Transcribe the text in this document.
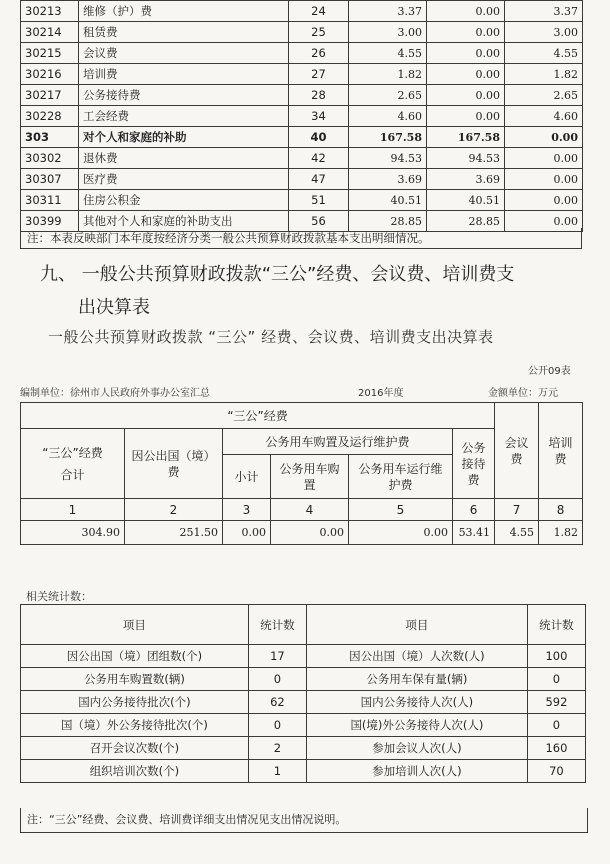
30213	维修（护）费	24	3.37	0.00	3.37
30214	租赁费	25	3.00	0.00	3.00
30215	会议费	26	4.55	0.00	4.55
30216	培训费	27	1.82	0.00	1.82
30217	公务接待费	28	2.65	0.00	2.65
30228	工会经费	34	4.60	0.00	4.60
303	对个人和家庭的补助	40	167.58	167.58	0.00
30302	退休费	42	94.53	94.53	0.00
30307	医疗费	47	3.69	3.69	0.00
30311	住房公积金	51	40.51	40.51	0.00
30399	其他对个人和家庭的补助支出	56	28.85	28.85	0.00
注：本表反映部门本年度按经济分类一般公共预算财政拨款基本支出明细情况。
九、 一般公共预算财政拨款“三公”经费、会议费、培训费支
出决算表
一般公共预算财政拨款 “三公” 经费、会议费、培训费支出决算表
公开09表
编制单位：徐州市人民政府外事办公室汇总	2016年度	金额单位：万元
“三公”经费						会议费	培训费

“三公”经费
合计	因公出国（境）费	公务用车购置及运行维护费			公务接待费		
		小计	公务用车购置	公务用车运行维护费			
1	2	3	4	5	6	7	8
304.90	251.50	0.00	0.00	0.00	53.41	4.55	1.82
相关统计数：
项目	统计数	项目	统计数
因公出国（境）团组数(个)	17	因公出国（境）人次数(人)	100
公务用车购置数(辆)	0	公务用车保有量(辆)	0
国内公务接待批次(个)	62	国内公务接待人次(人)	592
国（境）外公务接待批次(个)	0	国(境)外公务接待人次(人)	0
召开会议次数(个)	2	参加会议人次(人)	160
组织培训次数(个)	1	参加培训人次(人)	70
注：“三公”经费、会议费、培训费详细支出情况见支出情况说明。
